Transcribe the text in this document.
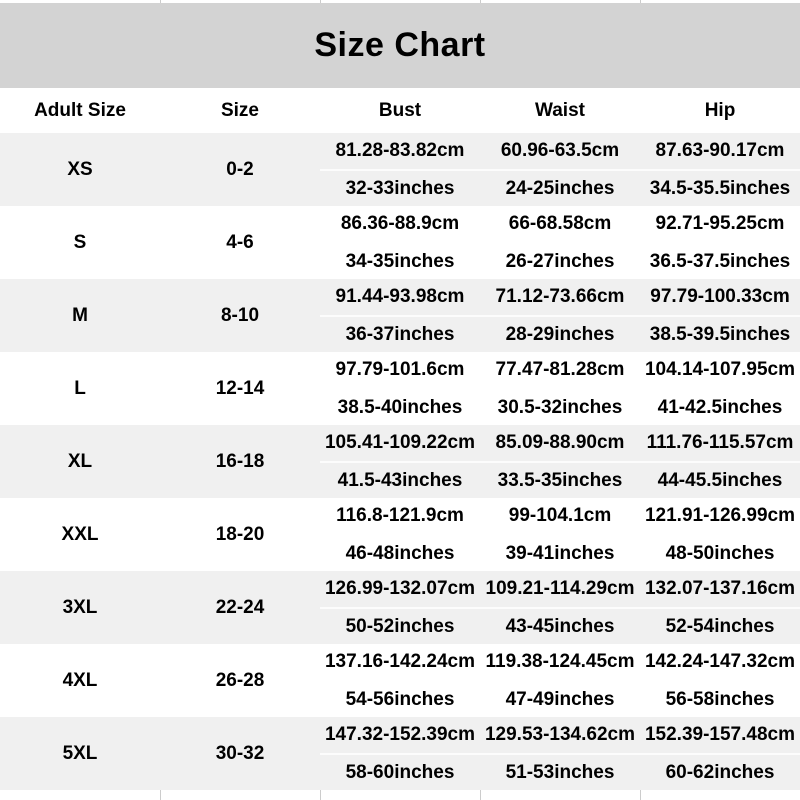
Size Chart
Adult Size	Size	Bust	Waist	Hip
XS	0-2	81.28-83.82cm	60.96-63.5cm	87.63-90.17cm
		32-33inches	24-25inches	34.5-35.5inches
S	4-6	86.36-88.9cm	66-68.58cm	92.71-95.25cm
		34-35inches	26-27inches	36.5-37.5inches
M	8-10	91.44-93.98cm	71.12-73.66cm	97.79-100.33cm
		36-37inches	28-29inches	38.5-39.5inches
L	12-14	97.79-101.6cm	77.47-81.28cm	104.14-107.95cm
		38.5-40inches	30.5-32inches	41-42.5inches
XL	16-18	105.41-109.22cm	85.09-88.90cm	111.76-115.57cm
		41.5-43inches	33.5-35inches	44-45.5inches
XXL	18-20	116.8-121.9cm	99-104.1cm	121.91-126.99cm
		46-48inches	39-41inches	48-50inches
3XL	22-24	126.99-132.07cm	109.21-114.29cm	132.07-137.16cm
		50-52inches	43-45inches	52-54inches
4XL	26-28	137.16-142.24cm	119.38-124.45cm	142.24-147.32cm
		54-56inches	47-49inches	56-58inches
5XL	30-32	147.32-152.39cm	129.53-134.62cm	152.39-157.48cm
		58-60inches	51-53inches	60-62inches
